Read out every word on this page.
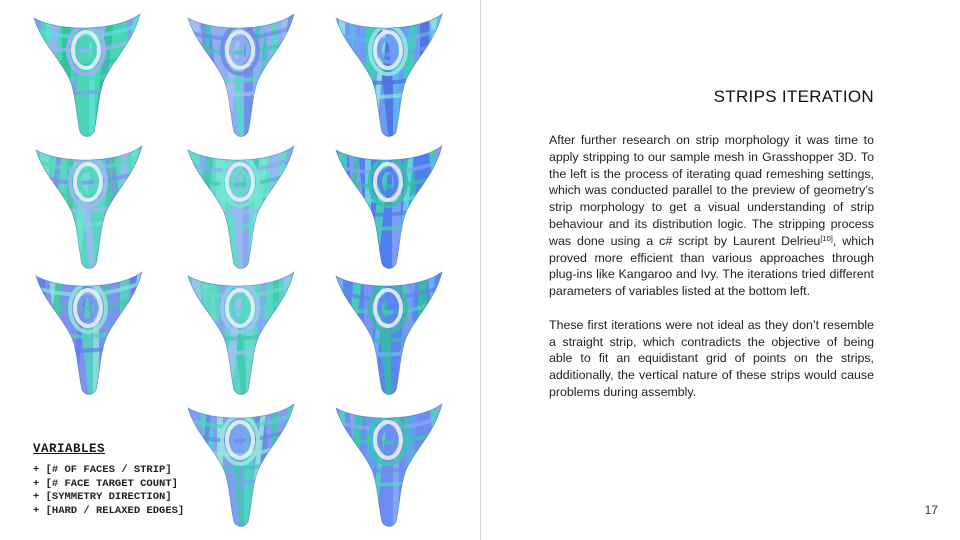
STRIPS ITERATION

After further research on strip morphology it was time to apply stripping to our sample mesh in Grasshopper 3D. To the left is the process of iterating quad remeshing settings, which was conducted parallel to the preview of geometry’s strip morphology to get a visual understanding of strip behaviour and its distribution logic. The stripping process was done using a c# script by Laurent Delrieu[10], which proved more efficient than various approaches through plug-ins like Kangaroo and Ivy. The iterations tried different parameters of variables listed at the bottom left.

These first iterations were not ideal as they don’t resemble a straight strip, which contradicts the objective of being able to fit an equidistant grid of points on the strips, additionally, the vertical nature of these strips would cause problems during assembly.

VARIABLES
+ [# OF FACES / STRIP]
+ [# FACE TARGET COUNT]
+ [SYMMETRY DIRECTION]
+ [HARD / RELAXED EDGES]	17
